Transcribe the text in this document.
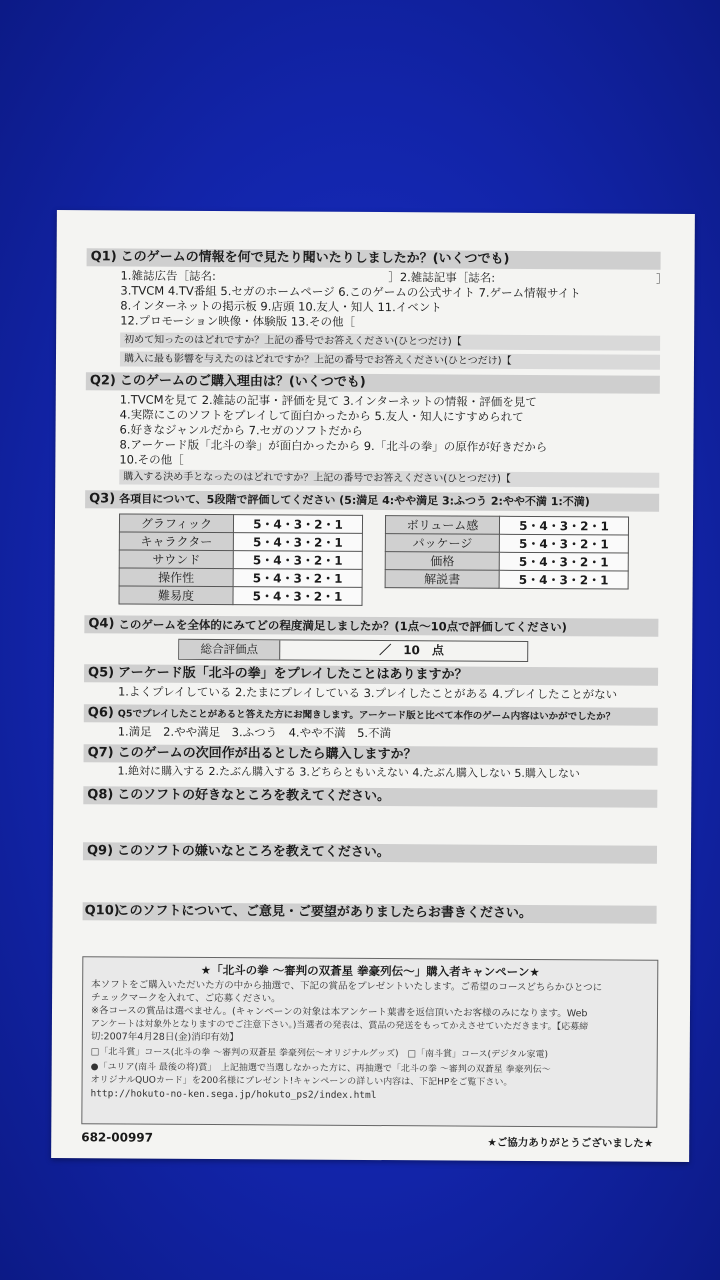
Q1) このゲームの情報を何で見たり聞いたりしましたか？(いくつでも)
1.雑誌広告［誌名:　　　　　　　　　　　　　　　］2.雑誌記事［誌名:　　　　　　　　　　　　　　］
3.TVCM 4.TV番組 5.セガのホームページ 6.このゲームの公式サイト 7.ゲーム情報サイト
8.インターネットの掲示板 9.店頭 10.友人・知人 11.イベント
12.プロモーション映像・体験版 13.その他［
初めて知ったのはどれですか？上記の番号でお答えください(ひとつだけ)【
購入に最も影響を与えたのはどれですか？上記の番号でお答えください(ひとつだけ)【
Q2) このゲームのご購入理由は？(いくつでも)
1.TVCMを見て 2.雑誌の記事・評価を見て 3.インターネットの情報・評価を見て
4.実際にこのソフトをプレイして面白かったから 5.友人・知人にすすめられて
6.好きなジャンルだから 7.セガのソフトだから
8.アーケード版「北斗の拳」が面白かったから 9.「北斗の拳」の原作が好きだから
10.その他［
購入する決め手となったのはどれですか？上記の番号でお答えください(ひとつだけ)【
Q3) 各項目について、5段階で評価してください (5:満足 4:やや満足 3:ふつう 2:やや不満 1:不満)
グラフィック	5・4・3・2・1
キャラクター	5・4・3・2・1
サウンド	5・4・3・2・1
操作性	5・4・3・2・1
難易度	5・4・3・2・1
ボリューム感	5・4・3・2・1
パッケージ	5・4・3・2・1
価格	5・4・3・2・1
解説書	5・4・3・2・1
Q4) このゲームを全体的にみてどの程度満足しましたか？(1点〜10点で評価してください)
総合評価点	／　10　点
Q5) アーケード版「北斗の拳」をプレイしたことはありますか？
1.よくプレイしている 2.たまにプレイしている 3.プレイしたことがある 4.プレイしたことがない
Q6) Q5でプレイしたことがあると答えた方にお聞きします。アーケード版と比べて本作のゲーム内容はいかがでしたか？
1.満足　2.やや満足　3.ふつう　4.やや不満　5.不満
Q7) このゲームの次回作が出るとしたら購入しますか？
1.絶対に購入する 2.たぶん購入する 3.どちらともいえない 4.たぶん購入しない 5.購入しない
Q8) このソフトの好きなところを教えてください。
Q9) このソフトの嫌いなところを教えてください。
Q10)
このソフトについて、ご意見・ご要望がありましたらお書きください。
★「北斗の拳 〜審判の双蒼星 拳豪列伝〜」購入者キャンペーン★
本ソフトをご購入いただいた方の中から抽選で、下記の賞品をプレゼントいたします。ご希望のコースどちらかひとつに
チェックマークを入れて、ご応募ください。
※各コースの賞品は選べません。(キャンペーンの対象は本アンケート葉書を返信頂いたお客様のみになります。Web
アンケートは対象外となりますのでご注意下さい。)当選者の発表は、賞品の発送をもってかえさせていただきます。【応募締
切:2007年4月28日(金)消印有効】
□「北斗賞」コース(北斗の拳 〜審判の双蒼星 拳豪列伝〜オリジナルグッズ)　□「南斗賞」コース(デジタル家電)
●「ユリア(南斗 最後の将)賞」　上記抽選で当選しなかった方に、再抽選で「北斗の拳 〜審判の双蒼星 拳豪列伝〜
オリジナルQUOカード」を200名様にプレゼント!キャンペーンの詳しい内容は、下記HPをご覧下さい。
http://hokuto-no-ken.sega.jp/hokuto_ps2/index.html
682-00997	★ご協力ありがとうございました★
